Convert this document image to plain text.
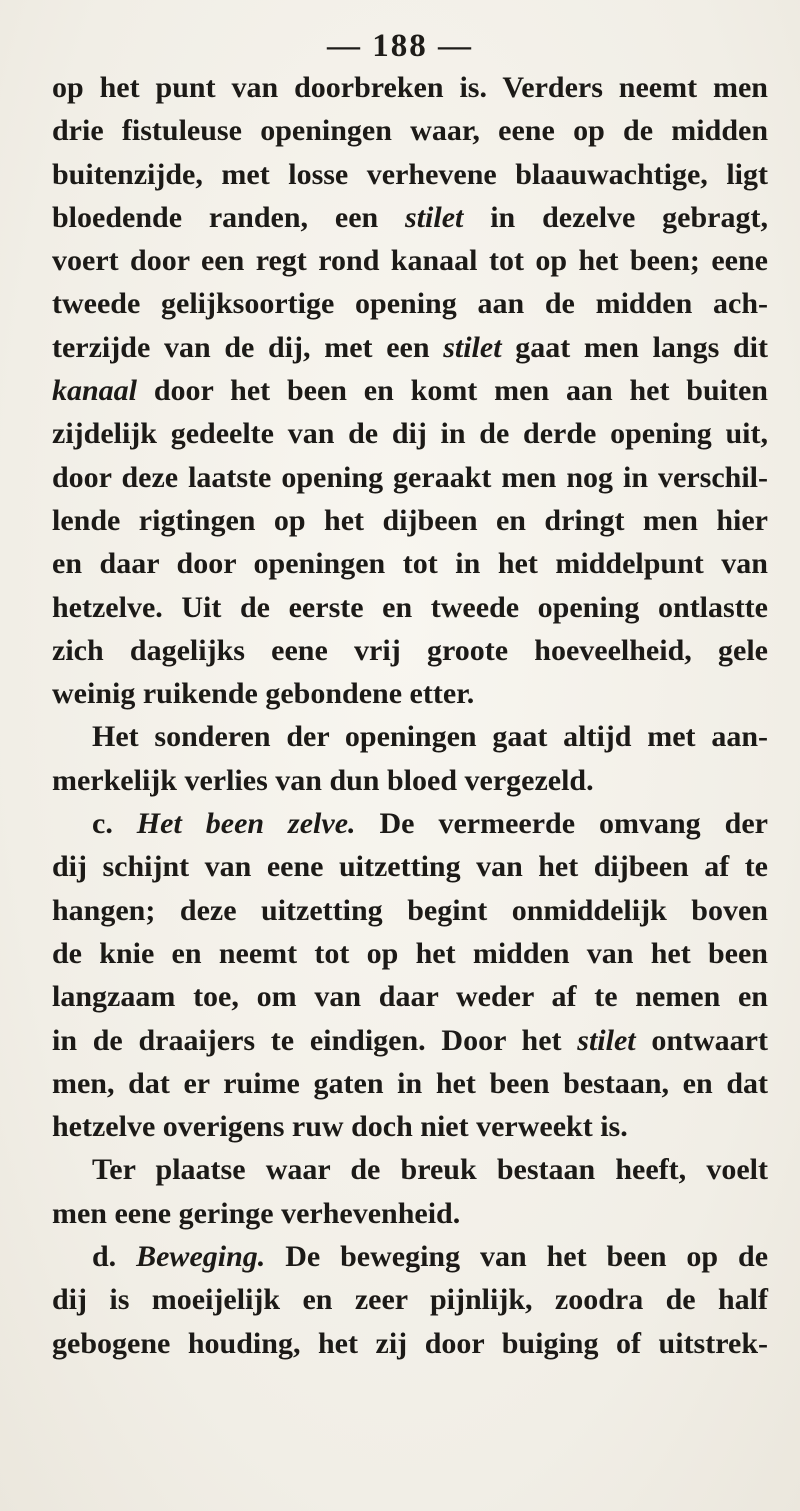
— 188 —
op het punt van doorbreken is. Verders neemt men
drie fistuleuse openingen waar, eene op de midden
buitenzijde, met losse verhevene blaauwachtige, ligt
bloedende randen, een stilet in dezelve gebragt,
voert door een regt rond kanaal tot op het been; eene
tweede gelijksoortige opening aan de midden ach-
terzijde van de dij, met een stilet gaat men langs dit
kanaal door het been en komt men aan het buiten
zijdelijk gedeelte van de dij in de derde opening uit,
door deze laatste opening geraakt men nog in verschil-
lende rigtingen op het dijbeen en dringt men hier
en daar door openingen tot in het middelpunt van
hetzelve. Uit de eerste en tweede opening ontlastte
zich dagelijks eene vrij groote hoeveelheid, gele
weinig ruikende gebondene etter.
Het sonderen der openingen gaat altijd met aan-
merkelijk verlies van dun bloed vergezeld.
c. Het been zelve. De vermeerde omvang der
dij schijnt van eene uitzetting van het dijbeen af te
hangen; deze uitzetting begint onmiddelijk boven
de knie en neemt tot op het midden van het been
langzaam toe, om van daar weder af te nemen en
in de draaijers te eindigen. Door het stilet ontwaart
men, dat er ruime gaten in het been bestaan, en dat
hetzelve overigens ruw doch niet verweekt is.
Ter plaatse waar de breuk bestaan heeft, voelt
men eene geringe verhevenheid.
d. Beweging. De beweging van het been op de
dij is moeijelijk en zeer pijnlijk, zoodra de half
gebogene houding, het zij door buiging of uitstrek-
